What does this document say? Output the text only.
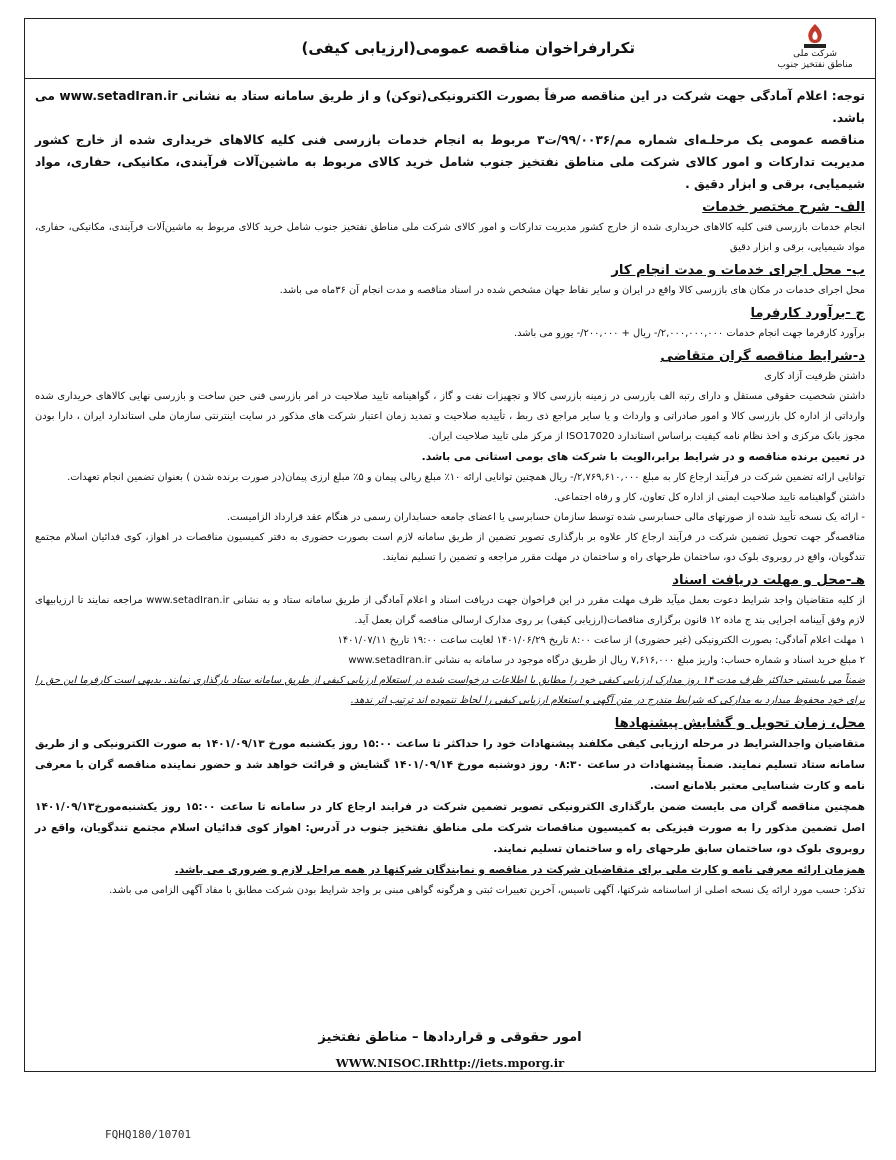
شرکت ملی
مناطق نفتخیز جنوب
تکرارفراخوان مناقصه عمومی(ارزیابی کیفی)

توجه: اعلام آمادگی جهت شرکت در این مناقصه صرفاً بصورت الکترونیکی(توکن) و از طریق سامانه ستاد به نشانی www.setadIran.ir می باشد.

مناقصه عمومی یک مرحلـه‌ای شماره مم/۹۹/۰۰۳۶/ت۳ مربوط به انجام خدمات بازرسی فنی کلیه کالاهای خریداری شده از خارج کشور مدیریت تدارکات و امور کالای شرکت ملی مناطق نفتخیز جنوب شامل خرید کالای مربوط به ماشین‌آلات فرآیندی، مکانیکی، حفاری، مواد شیمیایی، برقی و ابزار دقیق .

الف- شرح مختصر خدمات

انجام خدمات بازرسی فنی کلیه کالاهای خریداری شده از خارج کشور مدیریت تدارکات و امور کالای شرکت ملی مناطق نفتخیز جنوب شامل خرید کالای مربوط به ماشین‌آلات فرآیندی، مکانیکی، حفاری، مواد شیمیایی، برقی و ابزار دقیق

ب- محل اجرای خدمات و مدت انجام کار

محل اجرای خدمات در مکان های بازرسی کالا واقع در ایران و سایر نقاط جهان مشخص شده در اسناد مناقصه و مدت انجام آن ۳۶ماه می باشد.

ج -برآورد کارفرما

برآورد کارفرما جهت انجام خدمات ۲,۰۰۰,۰۰۰,۰۰۰/- ریال + ۲۰۰,۰۰۰/- یورو می باشد.

د-شرایط مناقصه گران متقاضی

داشتن ظرفیت آزاد کاری

داشتن شخصیت حقوقی مستقل و دارای رتبه الف بازرسی در زمینه بازرسی کالا و تجهیزات نفت و گاز ، گواهینامه تایید صلاحیت در امر بازرسی فنی حین ساخت و بازرسی نهایی کالاهای خریداری شده وارداتی از اداره کل بازرسی کالا و امور صادراتی و وارداث و یا سایر مراجع ذی ربط ، تأییدیه صلاحیت و تمدید زمان اعتبار شرکت های مذکور در سایت اینترنتی سازمان ملی استاندارد ایران ، دارا بودن مجوز بانک مرکزی و اخذ نظام نامه کیفیت براساس استاندارد ISO17020 از مرکز ملی تایید صلاحیت ایران.

در تعیین برنده مناقصه و در شرایط برابر،الویت با شرکت های بومی استانی می باشد.

توانایی ارائه تضمین شرکت در فرآیند ارجاع کار به مبلغ ۲,۷۶۹,۶۱۰,۰۰۰/- ریال همچنین توانایی ارائه ۱۰٪ مبلغ ریالی پیمان و ۵٪ مبلغ ارزی پیمان(در صورت برنده شدن ) بعنوان تضمین انجام تعهدات.

داشتن گواهینامه تایید صلاحیت ایمنی از اداره کل تعاون، کار و رفاه اجتماعی.

- ارائه یک نسخه تأیید شده از صورتهای مالی حسابرسی شده توسط سازمان حسابرسی یا اعضای جامعه حسابداران رسمی در هنگام عقد قرارداد الزامیست.

مناقصه‌گر جهت تحویل تضمین شرکت در فرآیند ارجاع کار علاوه بر بارگذاری تصویر تضمین از طریق سامانه لازم است بصورت حضوری به دفتر کمیسیون مناقصات در اهواز، کوی فدائیان اسلام مجتمع تندگویان، واقع در روبروی بلوک دو، ساختمان طرحهای راه و ساختمان در مهلت مقرر مراجعه و تضمین را تسلیم نمایند.

هـ-محل و مهلت دریافت اسناد

از کلیه متقاضیان واجد شرایط دعوت بعمل میآید ظرف مهلت مقرر در این فراخوان جهت دریافت اسناد و اعلام آمادگی از طریق سامانه ستاد و به نشانی www.setadIran.ir مراجعه نمایند تا ارزیابیهای لازم وفق آیینامه اجرایی بند ج ماده ۱۲ قانون برگزاری مناقصات(ارزیابی کیفی) بر روی مدارک ارسالی مناقصه گران بعمل آید.

۱ مهلت اعلام آمادگی: بصورت الکترونیکی (غیر حضوری) از ساعت ۸:۰۰ تاریخ ۱۴۰۱/۰۶/۲۹ لغایت ساعت ۱۹:۰۰ تاریخ ۱۴۰۱/۰۷/۱۱

۲ مبلغ خرید اسناد و شماره حساب: واریز مبلغ ۷,۶۱۶,۰۰۰ ریال از طریق درگاه موجود در سامانه به نشانی www.setadIran.ir

ضمناً می بایستی حداکثر ظرف مدت ۱۴ روز مدارک ارزیابی کیفی خود را مطابق با اطلاعات درخواست شده در استعلام ارزیابی کیفی از طریق سامانه ستاد بارگذاری نمایند. بدیهی است کارفرما این حق را برای خود محفوظ میدارد به مدارکی که شرایط مندرج در متن آگهی و استعلام ارزیابی کیفی را لحاظ ننموده اند ترتیب اثر ندهد.

محل، زمان تحویل و گشایش پیشنهادها

متقاضیان واجدالشرایط در مرحله ارزیابی کیفی مکلفند پیشنهادات خود را حداکثر تا ساعت ۱۵:۰۰ روز یکشنبه مورخ ۱۴۰۱/۰۹/۱۳ به صورت الکترونیکی و از طریق سامانه ستاد تسلیم نمایند. ضمناً پیشنهادات در ساعت ۰۸:۳۰ روز دوشنبه مورخ ۱۴۰۱/۰۹/۱۴ گشایش و قرائت خواهد شد و حضور نماینده مناقصه گران با معرفی نامه و کارت شناسایی معتبر بلامانع است.

همچنین مناقصه گران می بایست ضمن بارگذاری الکترونیکی تصویر تضمین شرکت در فرایند ارجاع کار در سامانه تا ساعت ۱۵:۰۰ روز یکشنبه‌مورخ۱۴۰۱/۰۹/۱۳ اصل تضمین مذکور را به صورت فیزیکی به کمیسیون مناقصات شرکت ملی مناطق نفتخیز جنوب در آدرس: اهواز کوی فدائیان اسلام مجتمع تندگویان، واقع در روبروی بلوک دو، ساختمان سابق طرحهای راه و ساختمان تسلیم نمایند.

همزمان ارائه معرفی نامه و کارت ملی برای متقاضیان شرکت در مناقصه و نمایندگان شرکتها در همه مراحل لازم و ضروری می باشد.

تذکر: حسب مورد ارائه یک نسخه اصلی از اساسنامه شرکتها، آگهی تاسیس، آخرین تغییرات ثبتی و هرگونه گواهی مبنی بر واجد شرایط بودن شرکت مطابق با مفاد آگهی الزامی می باشد.

امور حقوقی و قراردادها – مناطق نفتخیز
WWW.NISOC.IRhttp://iets.mporg.ir
FQHQ180/10701
